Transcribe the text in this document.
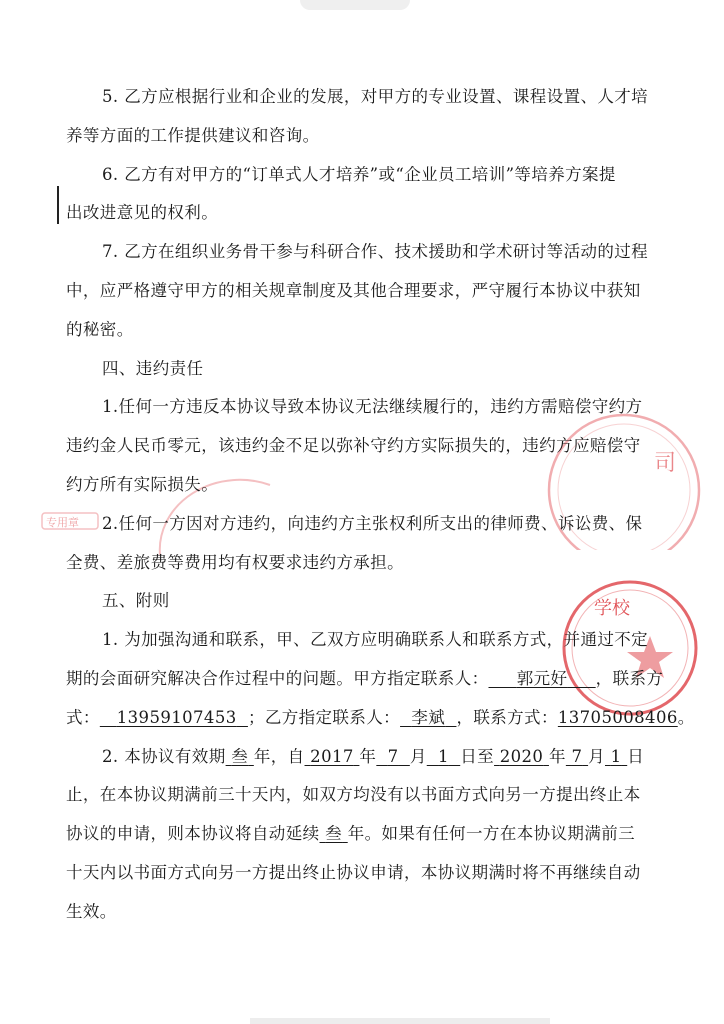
司
学校
专用章
5. 乙方应根据行业和企业的发展，对甲方的专业设置、课程设置、人才培
养等方面的工作提供建议和咨询。
6. 乙方有对甲方的“订单式人才培养”或“企业员工培训”等培养方案提
出改进意见的权利。
7. 乙方在组织业务骨干参与科研合作、技术援助和学术研讨等活动的过程
中，应严格遵守甲方的相关规章制度及其他合理要求，严守履行本协议中获知
的秘密。
四、违约责任
1.任何一方违反本协议导致本协议无法继续履行的，违约方需赔偿守约方
违约金人民币零元，该违约金不足以弥补守约方实际损失的，违约方应赔偿守
约方所有实际损失。
2.任何一方因对方违约，向违约方主张权利所支出的律师费、诉讼费、保
全费、差旅费等费用均有权要求违约方承担。
五、附则
1. 为加强沟通和联系，甲、乙双方应明确联系人和联系方式，并通过不定
期的会面研究解决合作过程中的问题。甲方指定联系人： 郭元好 ，联系方
式： 13959107453 ；乙方指定联系人： 李斌 ，联系方式：13705008406。
2. 本协议有效期 叁 年，自 2017 年 7 月 1 日至 2020 年 7 月 1 日
止，在本协议期满前三十天内，如双方均没有以书面方式向另一方提出终止本
协议的申请，则本协议将自动延续 叁 年。如果有任何一方在本协议期满前三
十天内以书面方式向另一方提出终止协议申请，本协议期满时将不再继续自动
生效。
